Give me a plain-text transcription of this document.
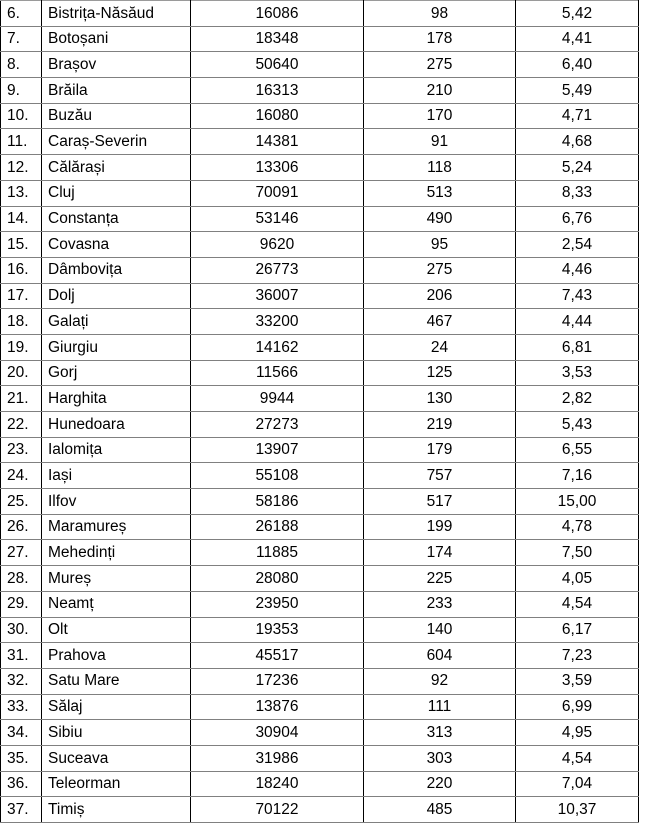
6.	Bistrița-Năsăud	16086	98	5,42
7.	Botoșani	18348	178	4,41
8.	Brașov	50640	275	6,40
9.	Brăila	16313	210	5,49
10.	Buzău	16080	170	4,71
11.	Caraș-Severin	14381	91	4,68
12.	Călărași	13306	118	5,24
13.	Cluj	70091	513	8,33
14.	Constanța	53146	490	6,76
15.	Covasna	9620	95	2,54
16.	Dâmbovița	26773	275	4,46
17.	Dolj	36007	206	7,43
18.	Galați	33200	467	4,44
19.	Giurgiu	14162	24	6,81
20.	Gorj	11566	125	3,53
21.	Harghita	9944	130	2,82
22.	Hunedoara	27273	219	5,43
23.	Ialomița	13907	179	6,55
24.	Iași	55108	757	7,16
25.	Ilfov	58186	517	15,00
26.	Maramureș	26188	199	4,78
27.	Mehedinți	11885	174	7,50
28.	Mureș	28080	225	4,05
29.	Neamț	23950	233	4,54
30.	Olt	19353	140	6,17
31.	Prahova	45517	604	7,23
32.	Satu Mare	17236	92	3,59
33.	Sălaj	13876	111	6,99
34.	Sibiu	30904	313	4,95
35.	Suceava	31986	303	4,54
36.	Teleorman	18240	220	7,04
37.	Timiș	70122	485	10,37
